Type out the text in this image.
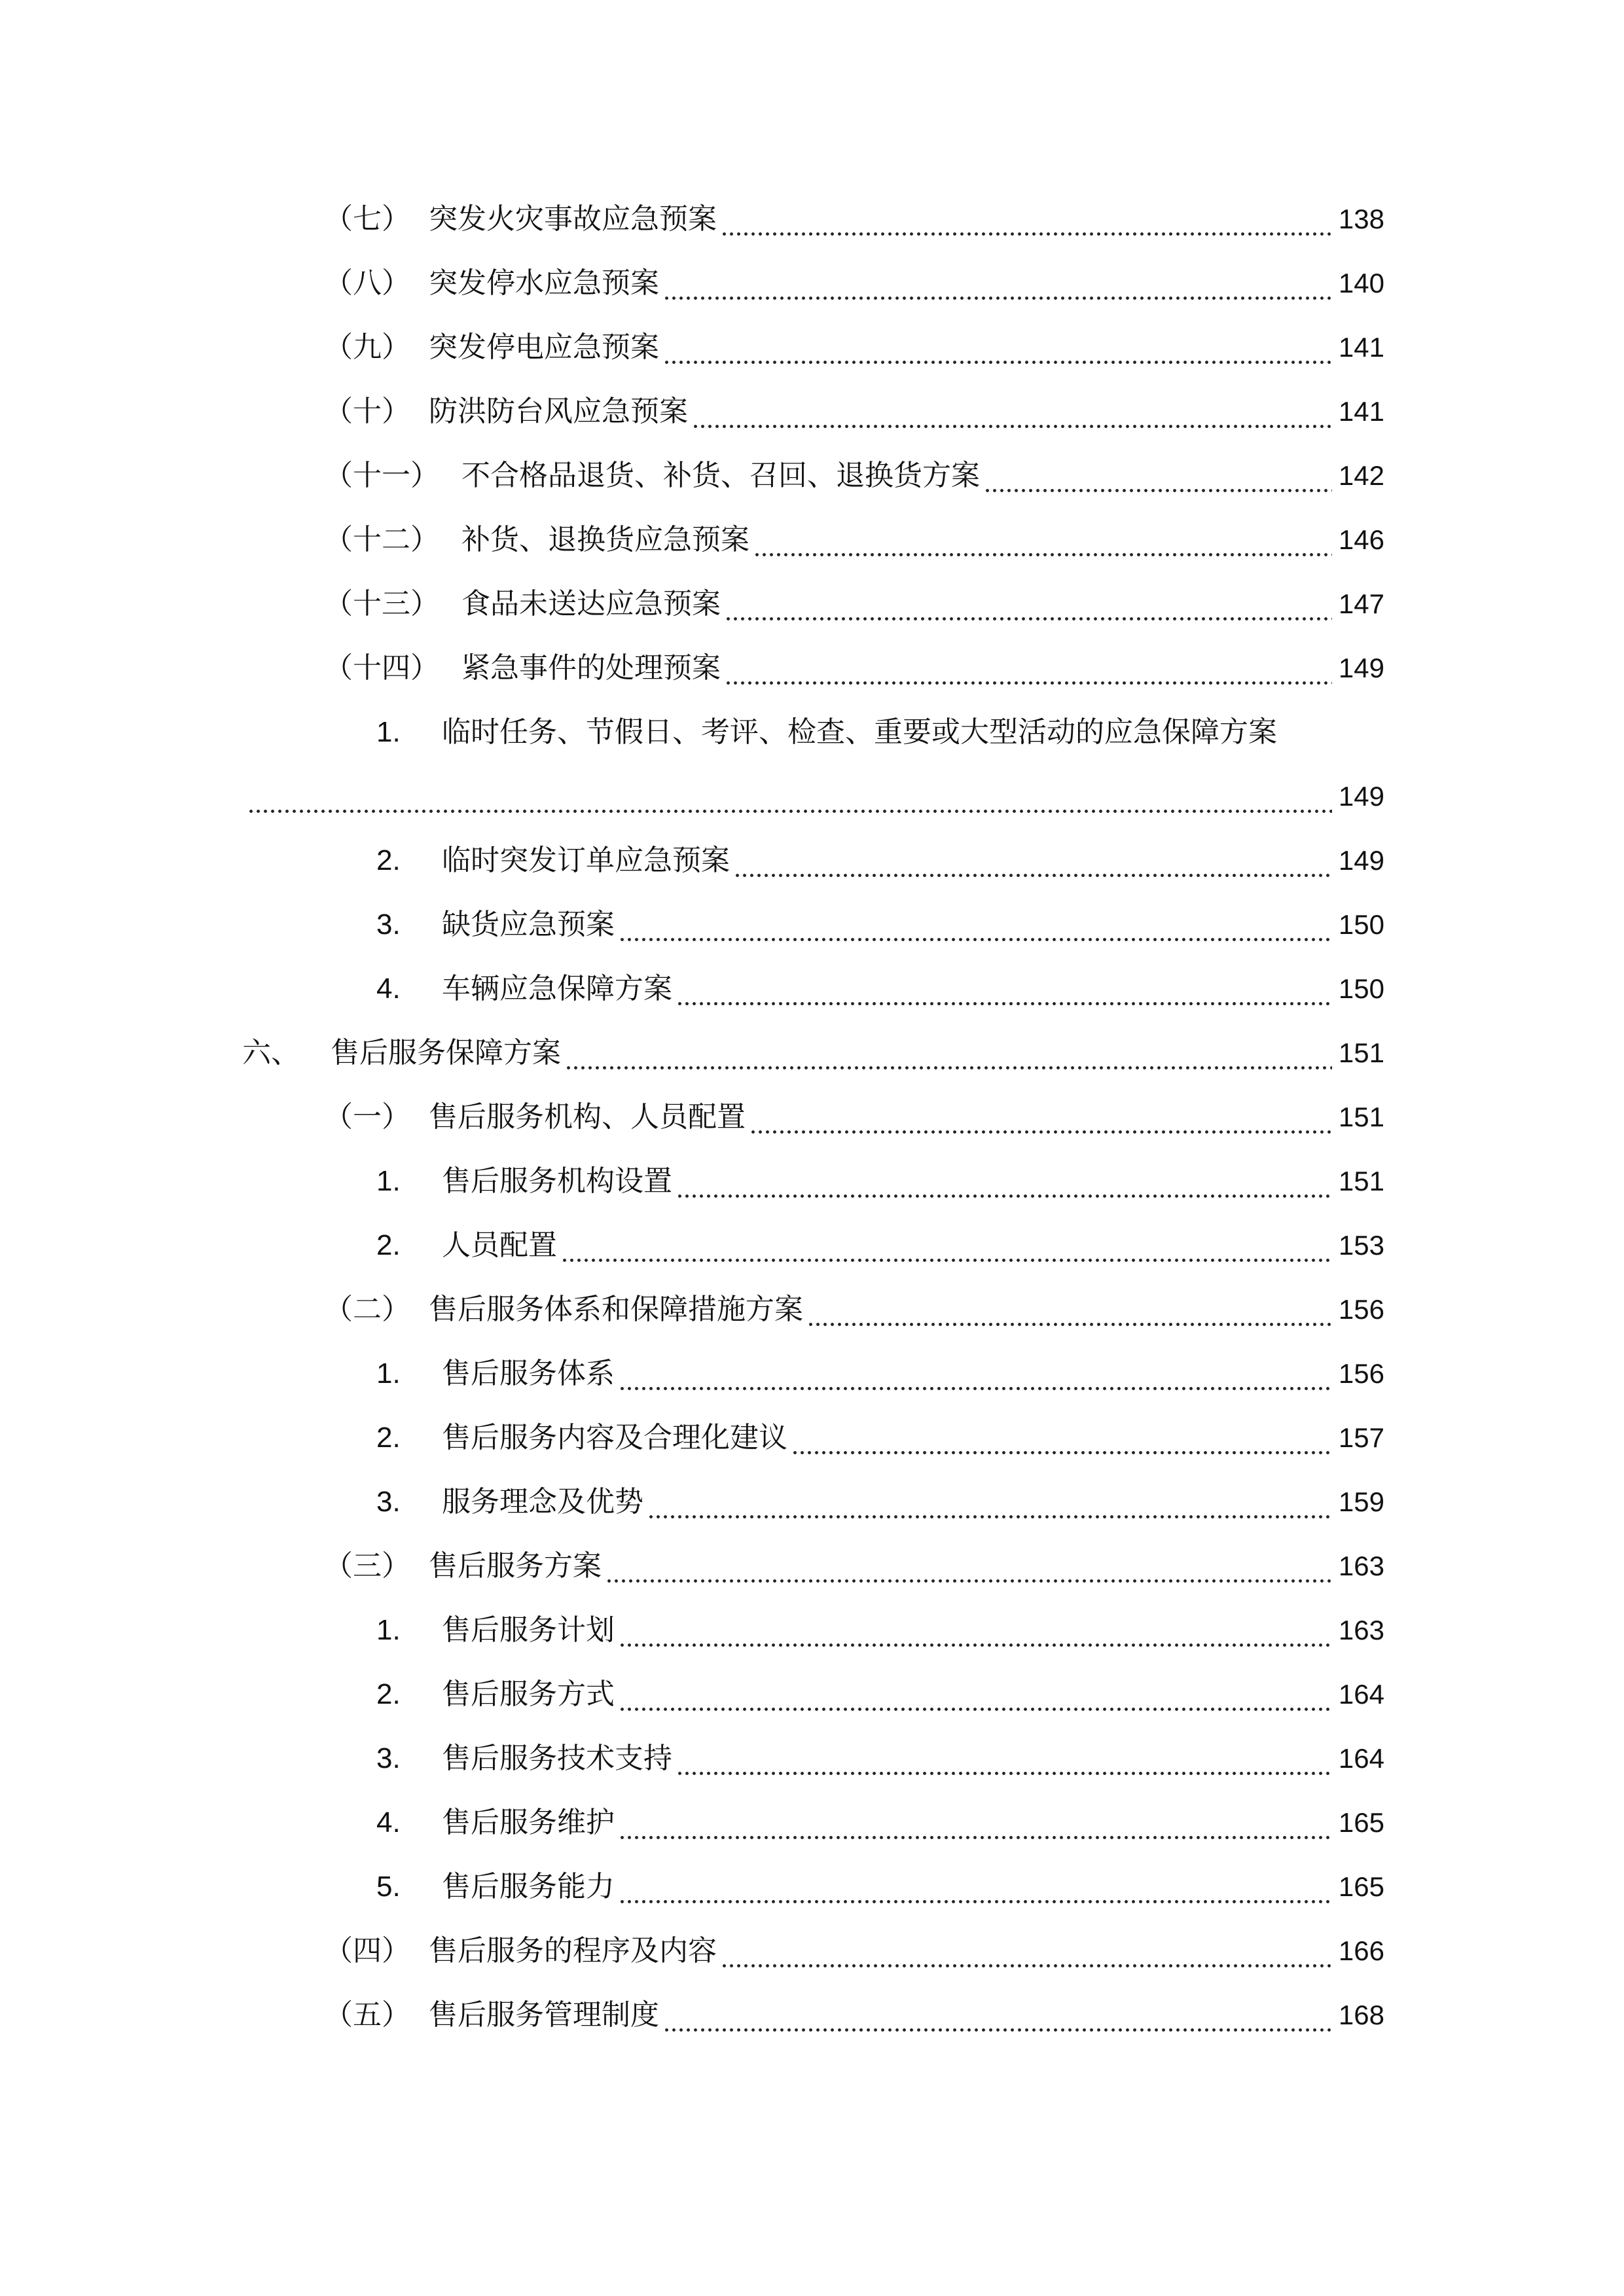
（七） 突发火灾事故应急预案	138
（八） 突发停水应急预案	140
（九） 突发停电应急预案	141
（十） 防洪防台风应急预案	141
（十一） 不合格品退货、补货、召回、退换货方案	142
（十二） 补货、退换货应急预案	146
（十三） 食品未送达应急预案	147
（十四） 紧急事件的处理预案	149
1. 临时任务、节假日、考评、检查、重要或大型活动的应急保障方案
149
2.	临时突发订单应急预案	149
3.	缺货应急预案	150
4.	车辆应急保障方案	150
六、	售后服务保障方案	151
（一） 售后服务机构、人员配置	151
1.	售后服务机构设置	151
2.	人员配置	153
（二） 售后服务体系和保障措施方案	156
1.	售后服务体系	156
2.	售后服务内容及合理化建议	157
3.	服务理念及优势	159
（三） 售后服务方案	163
1.	售后服务计划	163
2.	售后服务方式	164
3.	售后服务技术支持	164
4.	售后服务维护	165
5.	售后服务能力	165
（四） 售后服务的程序及内容	166
（五） 售后服务管理制度	168
